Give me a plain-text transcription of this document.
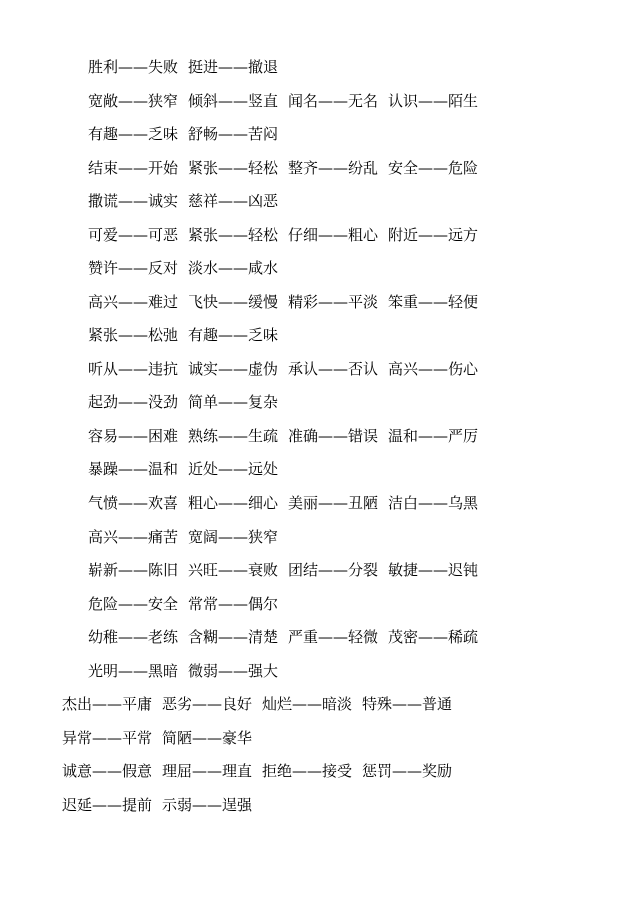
胜利——失败 挺进——撤退
宽敞——狭窄 倾斜——竖直 闻名——无名 认识——陌生
有趣——乏味 舒畅——苦闷
结束——开始 紧张——轻松 整齐——纷乱 安全——危险
撒谎——诚实 慈祥——凶恶
可爱——可恶 紧张——轻松 仔细——粗心 附近——远方
赞许——反对 淡水——咸水
高兴——难过 飞快——缓慢 精彩——平淡 笨重——轻便
紧张——松弛 有趣——乏味
听从——违抗 诚实——虚伪 承认——否认 高兴——伤心
起劲——没劲 简单——复杂
容易——困难 熟练——生疏 准确——错误 温和——严厉
暴躁——温和 近处——远处
气愤——欢喜 粗心——细心 美丽——丑陋 洁白——乌黑
高兴——痛苦 宽阔——狭窄
崭新——陈旧 兴旺——衰败 团结——分裂 敏捷——迟钝
危险——安全 常常——偶尔
幼稚——老练 含糊——清楚 严重——轻微 茂密——稀疏
光明——黑暗 微弱——强大
杰出——平庸 恶劣——良好 灿烂——暗淡 特殊——普通
异常——平常 简陋——豪华
诚意——假意 理屈——理直 拒绝——接受 惩罚——奖励
迟延——提前 示弱——逞强
